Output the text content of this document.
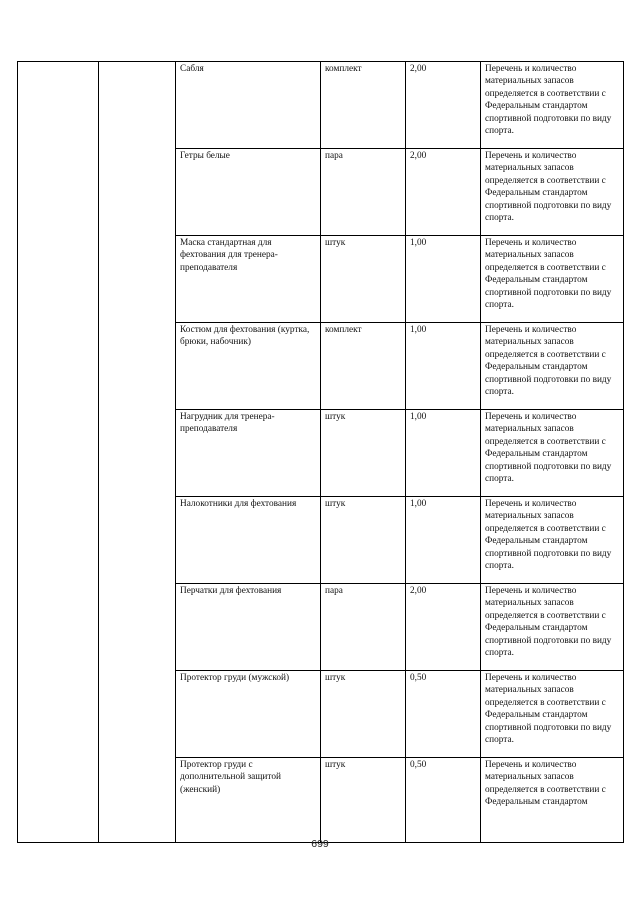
		Сабля	комплект	2,00	Перечень и количество материальных запасов определяется в соответствии с Федеральным стандартом спортивной подготовки по виду спорта.
		Гетры белые	пара	2,00	Перечень и количество материальных запасов определяется в соответствии с Федеральным стандартом спортивной подготовки по виду спорта.
		Маска стандартная для фехтования для тренера-преподавателя	штук	1,00	Перечень и количество материальных запасов определяется в соответствии с Федеральным стандартом спортивной подготовки по виду спорта.
		Костюм для фехтования (куртка, брюки, набочник)	комплект	1,00	Перечень и количество материальных запасов определяется в соответствии с Федеральным стандартом спортивной подготовки по виду спорта.
		Нагрудник для тренера-преподавателя	штук	1,00	Перечень и количество материальных запасов определяется в соответствии с Федеральным стандартом спортивной подготовки по виду спорта.
		Налокотники для фехтования	штук	1,00	Перечень и количество материальных запасов определяется в соответствии с Федеральным стандартом спортивной подготовки по виду спорта.
		Перчатки для фехтования	пара	2,00	Перечень и количество материальных запасов определяется в соответствии с Федеральным стандартом спортивной подготовки по виду спорта.
		Протектор груди (мужской)	штук	0,50	Перечень и количество материальных запасов определяется в соответствии с Федеральным стандартом спортивной подготовки по виду спорта.
		Протектор груди с дополнительной защитой (женский)	штук	0,50	Перечень и количество материальных запасов определяется в соответствии с Федеральным стандартом
699
